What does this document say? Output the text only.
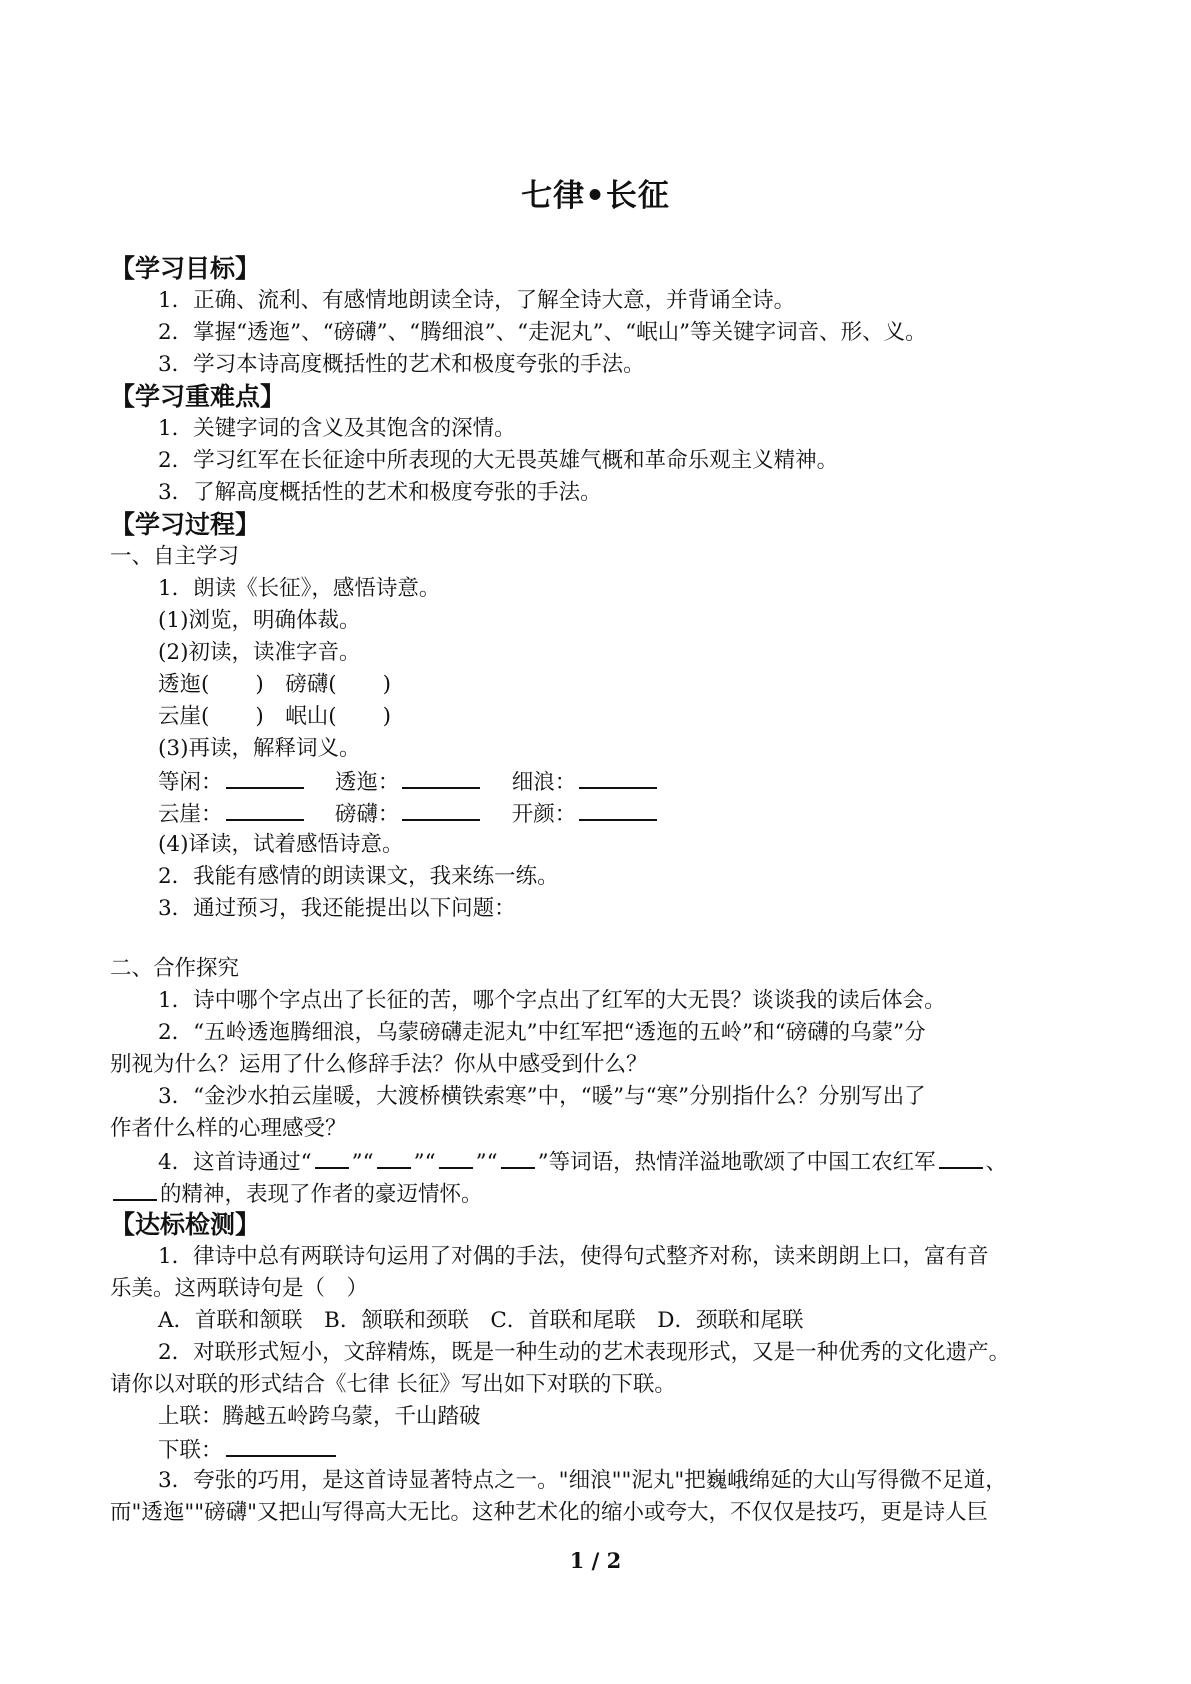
七律•长征
【学习目标】
1．正确、流利、有感情地朗读全诗，了解全诗大意，并背诵全诗。
2．掌握“透迤”、“磅礴”、“腾细浪”、“走泥丸”、“岷山”等关键字词音、形、义。
3．学习本诗高度概括性的艺术和极度夸张的手法。
【学习重难点】
1．关键字词的含义及其饱含的深情。
2．学习红军在长征途中所表现的大无畏英雄气概和革命乐观主义精神。
3．了解高度概括性的艺术和极度夸张的手法。
【学习过程】
一、自主学习
1．朗读《长征》，感悟诗意。
(1)浏览，明确体裁。
(2)初读，读准字音。
透迤( )　磅礴( )
云崖( )　岷山( )
(3)再读，解释词义。
等闲：　	透迤：　	细浪：
云崖：　	磅礴：　	开颜：
(4)译读，试着感悟诗意。
2．我能有感情的朗读课文，我来练一练。
3．通过预习，我还能提出以下问题：
二、合作探究
1．诗中哪个字点出了长征的苦，哪个字点出了红军的大无畏？谈谈我的读后体会。
2．“五岭透迤腾细浪，乌蒙磅礴走泥丸”中红军把“透迤的五岭”和“磅礴的乌蒙”分
别视为什么？运用了什么修辞手法？你从中感受到什么？
3．“金沙水拍云崖暖，大渡桥横铁索寒”中，“暖”与“寒”分别指什么？分别写出了
作者什么样的心理感受？
4．这首诗通过“ ”“ ”“ ”“ ”等词语，热情洋溢地歌颂了中国工农红军 、
的精神，表现了作者的豪迈情怀。
【达标检测】
1．律诗中总有两联诗句运用了对偶的手法，使得句式整齐对称，读来朗朗上口，富有音
乐美。这两联诗句是（　）
A．首联和颔联　B．颔联和颈联　C．首联和尾联　D．颈联和尾联
2．对联形式短小，文辞精炼，既是一种生动的艺术表现形式，又是一种优秀的文化遗产。
请你以对联的形式结合《七律 长征》写出如下对联的下联。
上联：腾越五岭跨乌蒙，千山踏破
下联：
3．夸张的巧用，是这首诗显著特点之一。"细浪""泥丸"把巍峨绵延的大山写得微不足道，
而"透迤""磅礴"又把山写得高大无比。这种艺术化的缩小或夸大，不仅仅是技巧，更是诗人巨
1 / 2
